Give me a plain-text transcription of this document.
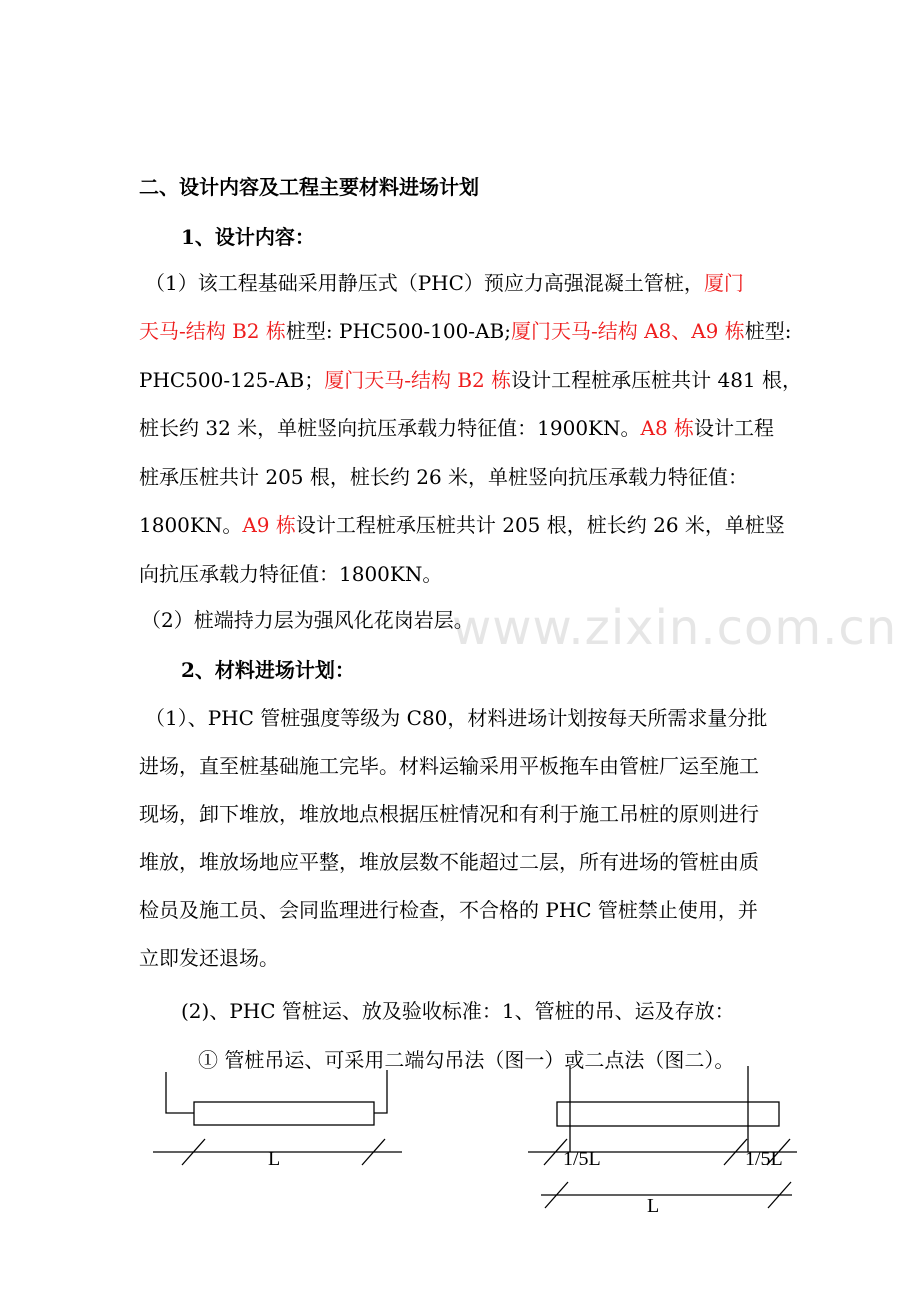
www.zixin.com.cn
二、设计内容及工程主要材料进场计划
1、设计内容：
（1）该工程基础采用静压式（PHC）预应力高强混凝土管桩，厦门
天马-结构 B2 栋桩型: PHC500-100-AB;厦门天马-结构 A8、A9 栋桩型:
PHC500-125-AB；厦门天马-结构 B2 栋设计工程桩承压桩共计 481 根，
桩长约 32 米，单桩竖向抗压承载力特征值：1900KN。A8 栋设计工程
桩承压桩共计 205 根，桩长约 26 米，单桩竖向抗压承载力特征值：
1800KN。A9 栋设计工程桩承压桩共计 205 根，桩长约 26 米，单桩竖
向抗压承载力特征值：1800KN。
（2）桩端持力层为强风化花岗岩层。
2、材料进场计划：
（1）、PHC 管桩强度等级为 C80，材料进场计划按每天所需求量分批
进场，直至桩基础施工完毕。材料运输采用平板拖车由管桩厂运至施工
现场，卸下堆放，堆放地点根据压桩情况和有利于施工吊桩的原则进行
堆放，堆放场地应平整，堆放层数不能超过二层，所有进场的管桩由质
检员及施工员、会同监理进行检查，不合格的 PHC 管桩禁止使用，并
立即发还退场。
(2)、PHC 管桩运、放及验收标准：1、管桩的吊、运及存放：
① 管桩吊运、可采用二端勾吊法（图一）或二点法（图二）。
L	1/5L	1/5L
L
